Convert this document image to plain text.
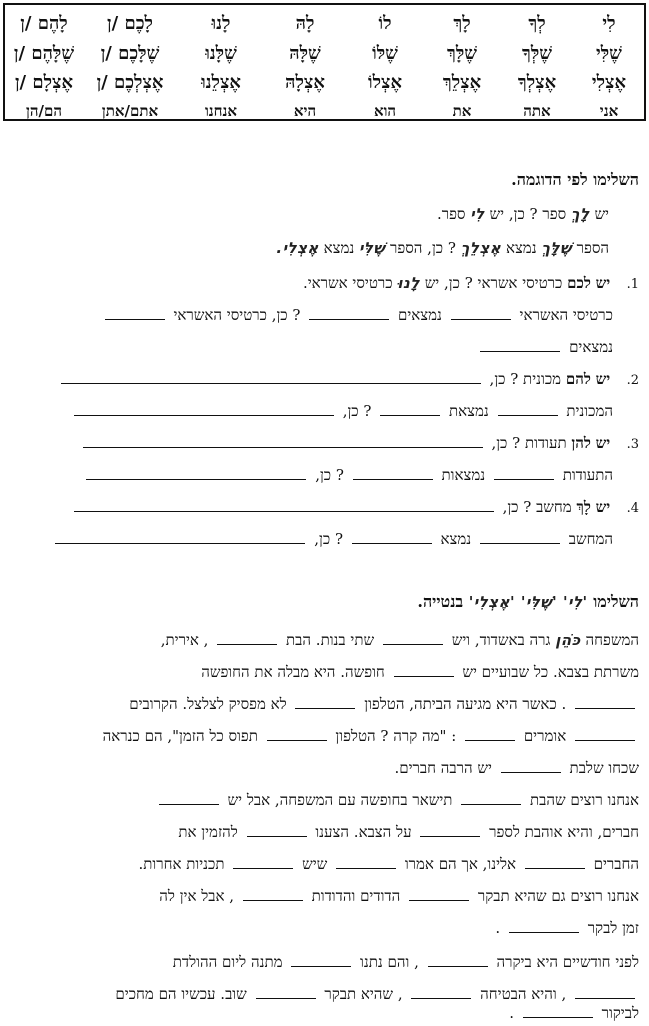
לִי
לְךָ
לָךְ
לוֹ
לָהּ
לָנוּ
לָכֶם /ן
לָהֶם /ן
שֶׁלִּי
שֶׁלְּךָ
שֶׁלָּךְ
שֶׁלּוֹ
שֶׁלָּהּ
שֶׁלָּנוּ
שֶׁלָּכֶם /ן
שֶׁלָּהֶם /ן
אֶצְלִי
אֶצְלְךָ
אֶצְלֵךְ
אֶצְלוֹ
אֶצְלָהּ
אֶצְלֵנוּ
אֶצְלְכֶם /ן
אֶצְלָם /ן
אני
אתה
את
הוא
היא
אנחנו
אתם/אתן
הם/הן
השלימו לפי הדוגמה.
יש לָךְ ספר ? כן, יש לִי ספר.
הספר שֶׁלָּךְ נמצא אֶצְלֵךְ ? כן, הספר שֶׁלִּי נמצא אֶצְלִי.
1. יש לכם כרטיסי אשראי ? כן, יש לָנוּ כרטיסי אשראי.
כרטיסי האשראי  נמצאים  ? כן, כרטיסי האשראי
נמצאים
2. יש להם מכונית ? כן,
המכונית  נמצאת  ? כן,
3. יש להן תעודות ? כן,
התעודות  נמצאות  ? כן,
4. יש לָךְ מחשב ? כן,
המחשב  נמצא  ? כן,
השלימו 'לִי' 'שֶׁלִּי' 'אֶצְלִי' בנטייה.
המשפחה כֹּהֵן גרה באשדוד, ויש  שתי בנות. הבת  , אירית,
משרתת בצבא. כל שבועיים יש  חופשה. היא מבלה את החופשה
. כאשר היא מגיעה הביתה, הטלפון  לא מפסיק לצלצל. הקרובים
אומרים  : "מה קרה ? הטלפון  תפוס כל הזמן", הם כנראה
שכחו שלבת  יש הרבה חברים.
אנחנו רוצים שהבת  תישאר בחופשה עם המשפחה, אבל יש
חברים, והיא אוהבת לספר  על הצבא. הצענו  להזמין את
החברים  אלינו, אך הם אמרו  שיש  תכניות אחרות.
אנחנו רוצים גם שהיא תבקר  הדודים והדודות  , אבל אין לה
זמן לבקר  .
לפני חודשיים היא ביקרה  , והם נתנו  מתנה ליום ההולדת
, והיא הבטיחה  , שהיא תבקר  שוב. עכשיו הם מחכים
לביקור  .
